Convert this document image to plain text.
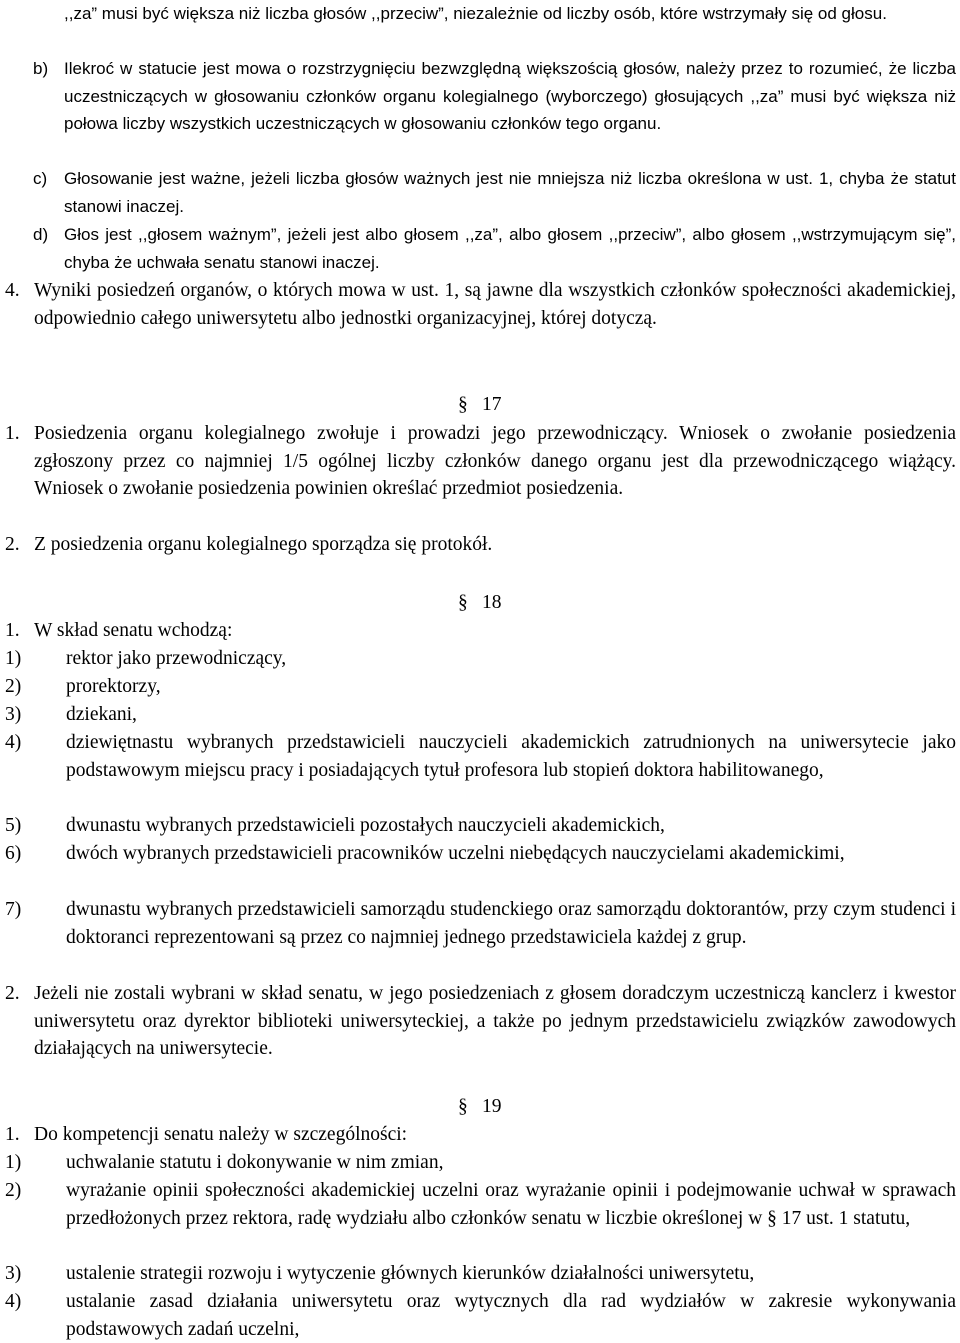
,,za” musi być większa niż liczba głosów ,,przeciw”, niezależnie od liczby osób, które wstrzymały się od głosu.
b) Ilekroć w statucie jest mowa o rozstrzygnięciu bezwzględną większością głosów, należy przez to rozumieć, że liczba uczestniczących w głosowaniu członków organu kolegialnego (wyborczego) głosujących ,,za” musi być większa niż połowa liczby wszystkich uczestniczących w głosowaniu członków tego organu.
c) Głosowanie jest ważne, jeżeli liczba głosów ważnych jest nie mniejsza niż liczba określona w ust. 1, chyba że statut stanowi inaczej.
d) Głos jest ,,głosem ważnym”, jeżeli jest albo głosem ,,za”, albo głosem ,,przeciw”, albo głosem ,,wstrzymującym się”, chyba że uchwała senatu stanowi inaczej.
4. Wyniki posiedzeń organów, o których mowa w ust. 1, są jawne dla wszystkich członków społeczności akademickiej, odpowiednio całego uniwersytetu albo jednostki organizacyjnej, której dotyczą.
§ 17
1. Posiedzenia organu kolegialnego zwołuje i prowadzi jego przewodniczący. Wniosek o zwołanie posiedzenia zgłoszony przez co najmniej 1/5 ogólnej liczby członków danego organu jest dla przewodniczącego wiążący. Wniosek o zwołanie posiedzenia powinien określać przedmiot posiedzenia.
2. Z posiedzenia organu kolegialnego sporządza się protokół.
§ 18
1. W skład senatu wchodzą:
1)	rektor jako przewodniczący,
2)	prorektorzy,
3)	dziekani,
4)	dziewiętnastu wybranych przedstawicieli nauczycieli akademickich zatrudnionych na uniwersytecie jako podstawowym miejscu pracy i posiadających tytuł profesora lub stopień doktora habilitowanego,
5)	dwunastu wybranych przedstawicieli pozostałych nauczycieli akademickich,
6)	dwóch wybranych przedstawicieli pracowników uczelni niebędących nauczycielami akademickimi,
7)	dwunastu wybranych przedstawicieli samorządu studenckiego oraz samorządu doktorantów, przy czym studenci i doktoranci reprezentowani są przez co najmniej jednego przedstawiciela każdej z grup.
2. Jeżeli nie zostali wybrani w skład senatu, w jego posiedzeniach z głosem doradczym uczestniczą kanclerz i kwestor uniwersytetu oraz dyrektor biblioteki uniwersyteckiej, a także po jednym przedstawicielu związków zawodowych działających na uniwersytecie.
§ 19
1. Do kompetencji senatu należy w szczególności:
1)	uchwalanie statutu i dokonywanie w nim zmian,
2)	wyrażanie opinii społeczności akademickiej uczelni oraz wyrażanie opinii i podejmowanie uchwał w sprawach przedłożonych przez rektora, radę wydziału albo członków senatu w liczbie określonej w § 17 ust. 1 statutu,
3)	ustalenie strategii rozwoju i wytyczenie głównych kierunków działalności uniwersytetu,
4)	ustalanie zasad działania uniwersytetu oraz wytycznych dla rad wydziałów w zakresie wykonywania podstawowych zadań uczelni,
